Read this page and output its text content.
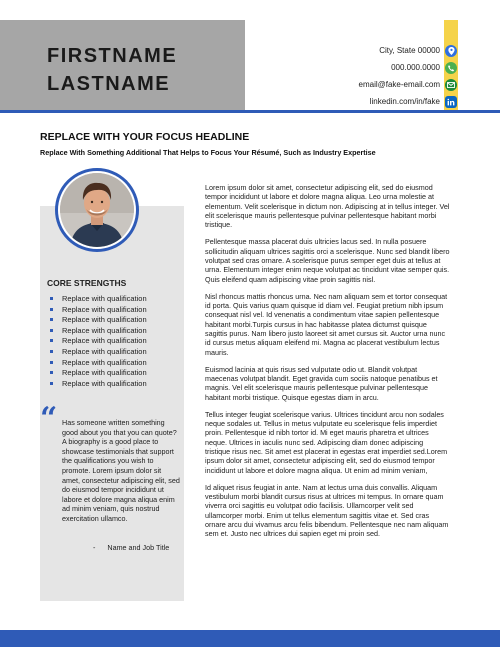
FIRSTNAME
LASTNAME
City, State 00000
000.000.0000
email@fake-email.com
linkedin.com/in/fake
REPLACE WITH YOUR FOCUS HEADLINE
Replace With Something Additional That Helps to Focus Your Résumé, Such as Industry Expertise
CORE STRENGTHS
Replace with qualification
Replace with qualification
Replace with qualification
Replace with qualification
Replace with qualification
Replace with qualification
Replace with qualification
Replace with qualification
Replace with qualification
“ Has someone written something good about you that you can quote? A biography is a good place to showcase testimonials that support the qualifications you wish to promote. Lorem ipsum dolor sit amet, consectetur adipiscing elit, sed do eiusmod tempor incididunt ut labore et dolore magna aliqua enim ad minim veniam, quis nostrud exercitation ullamco.
-      Name and Job Title

Lorem ipsum dolor sit amet, consectetur adipiscing elit, sed do eiusmod tempor incididunt ut labore et dolore magna aliqua. Leo urna molestie at elementum. Velit scelerisque in dictum non. Adipiscing at in tellus integer. Vel elit scelerisque mauris pellentesque pulvinar pellentesque habitant morbi tristique.

Pellentesque massa placerat duis ultricies lacus sed. In nulla posuere sollicitudin aliquam ultrices sagittis orci a scelerisque. Nunc sed blandit libero volutpat sed cras ornare. A scelerisque purus semper eget duis at tellus at urna. Elementum integer enim neque volutpat ac tincidunt vitae semper quis. Quis eleifend quam adipiscing vitae proin sagittis nisl.

Nisl rhoncus mattis rhoncus urna. Nec nam aliquam sem et tortor consequat id porta. Quis varius quam quisque id diam vel. Feugiat pretium nibh ipsum consequat nisl vel. Id venenatis a condimentum vitae sapien pellentesque habitant morbi.Turpis cursus in hac habitasse platea dictumst quisque sagittis purus. Nam libero justo laoreet sit amet cursus sit. Auctor urna nunc id cursus metus aliquam eleifend mi. Magna ac placerat vestibulum lectus mauris.

Euismod lacinia at quis risus sed vulputate odio ut. Blandit volutpat maecenas volutpat blandit. Eget gravida cum sociis natoque penatibus et magnis. Vel elit scelerisque mauris pellentesque pulvinar pellentesque habitant morbi tristique. Quisque egestas diam in arcu.

Tellus integer feugiat scelerisque varius. Ultrices tincidunt arcu non sodales neque sodales ut. Tellus in metus vulputate eu scelerisque felis imperdiet proin. Pellentesque id nibh tortor id. Mi eget mauris pharetra et ultrices neque. Ultrices in iaculis nunc sed. Adipiscing diam donec adipiscing tristique risus nec. Sit amet est placerat in egestas erat imperdiet sed.Lorem ipsum dolor sit amet, consectetur adipiscing elit, sed do eiusmod tempor incididunt ut labore et dolore magna aliqua. Ut enim ad minim veniam,

Id aliquet risus feugiat in ante. Nam at lectus urna duis convallis. Aliquam vestibulum morbi blandit cursus risus at ultrices mi tempus. In ornare quam viverra orci sagittis eu volutpat odio facilisis. Ullamcorper velit sed ullamcorper morbi. Enim ut tellus elementum sagittis vitae et. Sed cras ornare arcu dui vivamus arcu felis bibendum. Pellentesque nec nam aliquam sem et. Justo nec ultrices dui sapien eget mi proin sed.
